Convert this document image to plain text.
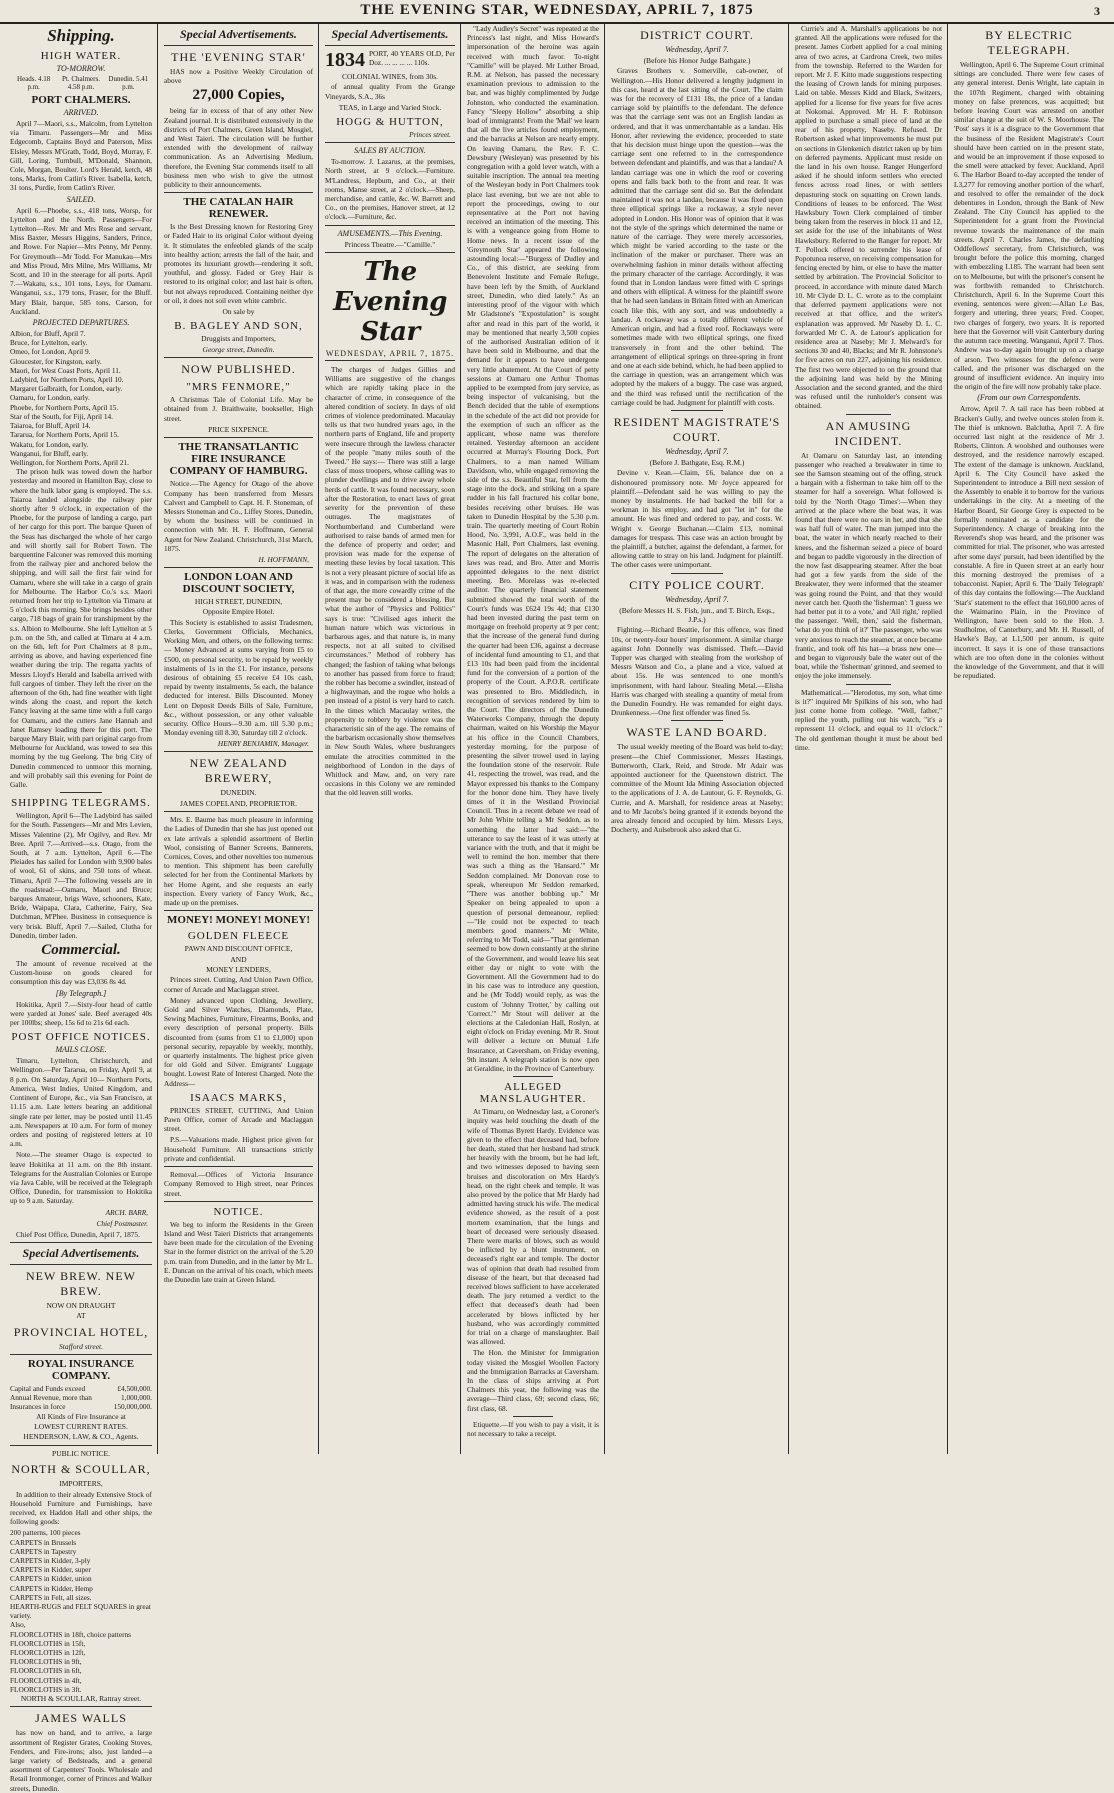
THE EVENING STAR, WEDNESDAY, APRIL 7, 1875	3
Shipping.
HIGH WATER.
TO-MORROW.
Heads. 4.18 p.m.
Pt. Chalmers. 4.58 p.m.
Dunedin. 5.41 p.m.
PORT CHALMERS.
ARRIVED.

April 7—Maori, s.s., Malcolm, from Lyttelton via Timaru. Passengers—Mr and Miss Edgecomb, Captains Boyd and Paterson, Miss Elsley, Messrs M'Grath, Todd, Boyd, Murray, F. Gill, Loring, Turnbull, M'Donald, Shannon, Cole, Morgan, Boulter. Lord's Herald, ketch, 48 tons, Marks, from Catlin's River. Isabella, ketch, 31 tons, Purdie, from Catlin's River.

SAILED.

April 6.—Phoebe, s.s., 418 tons, Worsp, for Lyttelton and the North. Passengers—For Lyttelton—Rev. Mr and Mrs Rose and servant, Miss Baxter, Messrs Higgins, Sanders, Prince, and Rowe. For Napier—Mrs Penny, Mr Penny. For Greymouth—Mr Todd. For Manukau—Mrs and Miss Proud, Mrs Milne, Mrs Williams, Mr Scott, and 10 in the steerage for all ports. April 7.—Wakatu, s.s., 101 tons, Leys, for Oamaru. Wanganui, s.s., 179 tons, Fraser, for the Bluff. Mary Blair, barque, 585 tons, Carson, for Auckland.

PROJECTED DEPARTURES.
Albion, for Bluff, April 7.
Bruce, for Lyttelton, early.
Omeo, for London, April 9.
Gloucester, for Kingston, early.
Maori, for West Coast Ports, April 11.
Ladybird, for Northern Ports, April 10.
Margaret Galbraith, for London, early.
Oamaru, for London, early.
Phoebe, for Northern Ports, April 15.
Star of the South, for Fiji, April 14.
Taiaroa, for Bluff, April 14.
Tararua, for Northern Ports, April 15.
Wakatu, for London, early.
Wanganui, for Bluff, early.
Wellington, for Northern Ports, April 21.

The prison hulk was towed down the harbor yesterday and moored in Hamilton Bay, close to where the hulk labor gang is employed. The s.s. Taiaroa landed alongside the railway pier shortly after 9 o'clock, in expectation of the Phoebe, for the purpose of landing a cargo, part of her cargo for this port. The barque Queen of the Seas has discharged the whole of her cargo and will shortly sail for Robert Town. The barquentine Falconer was removed this morning from the railway pier and anchored below the shipping, and will sail the first fair wind for Oamaru, where she will take in a cargo of grain for Melbourne. The Harbor Co.'s s.s. Maori returned from her trip to Lyttelton via Timaru at 5 o'clock this morning. She brings besides other cargo, 718 bags of grain for transhipment by the s.s. Albion to Melbourne. She left Lyttelton at 5 p.m. on the 5th, and called at Timaru at 4 a.m. on the 6th, left for Port Chalmers at 8 p.m., arriving as above, and having experienced fine weather during the trip. The regatta yachts of Messrs Lloyd's Herald and Isabella arrived with full cargoes of timber. They left the river on the afternoon of the 6th, had fine weather with light winds along the coast, and report the ketch Fancy leaving at the same time with a full cargo for Oamaru, and the cutters Jane Hannah and Janet Ramsey loading there for this port. The barque Mary Blair, with part original cargo from Melbourne for Auckland, was towed to sea this morning by the tug Geelong. The brig City of Dunedin commenced to unmoor this morning, and will probably sail this evening for Point de Galle.

SHIPPING TELEGRAMS.

Wellington, April 6—The Ladybird has sailed for the South. Passengers—Mr and Mrs Levien, Misses Valentine (2), Mr Ogilvy, and Rev. Mr Bree. April 7.—Arrived—s.s. Otago, from the South, at 7 a.m. Lyttelton, April 6.—The Pleiades has sailed for London with 9,900 bales of wool, 61 of skins, and 750 tons of wheat. Timaru, April 7—The following vessels are in the roadstead:—Oamaru, Maori and Bruce; barques Amateur, brigs Wave, schooners, Kate, Bride, Waipapa, Clara, Catherine, Fairy, Sea Dutchman, M'Phee. Business in consequence is very brisk. Bluff, April 7.—Sailed, Clutha for Dunedin, timber laden.

Commercial.

The amount of revenue received at the Custom-house on goods cleared for consumption this day was £3,036 8s 4d.

[By Telegraph.]

Hokitika, April 7.—Sixty-four head of cattle were yarded at Jones' sale. Beef averaged 40s per 100lbs; sheep, 15s 6d to 21s 6d each.

POST OFFICE NOTICES.
MAILS CLOSE.

Timaru, Lyttelton, Christchurch, and Wellington.—Per Tararua, on Friday, April 9, at 8 p.m. On Saturday, April 10— Northern Ports, America, West Indies, United Kingdom, and Continent of Europe, &c., via San Francisco, at 11.15 a.m. Late letters bearing an additional single rate per letter, may be posted until 11.45 a.m. Newspapers at 10 a.m. For form of money orders and posting of registered letters at 10 a.m.

Note.—The steamer Otago is expected to leave Hokitika at 11 a.m. on the 8th instant. Telegrams for the Australian Colonies or Europe via Java Cable, will be received at the Telegraph Office, Dunedin, for transmission to Hokitika up to 9 a.m. Saturday.

ARCH. BARR,
Chief Postmaster.

Chief Post Office, Dunedin, April 7, 1875.

Special Advertisements.
NEW BREW. NEW BREW.
NOW ON DRAUGHT
AT
PROVINCIAL HOTEL,
Stafford street.
ROYAL INSURANCE COMPANY.
Capital and Funds exceed	£4,500,000.
Annual Revenue, more than	1,000,000.
Insurances in force	150,000,000.
All Kinds of Fire Insurance at
LOWEST CURRENT RATES.
HENDERSON, LAW, & CO., Agents.
PUBLIC NOTICE.
NORTH & SCOULLAR,
IMPORTERS,

In addition to their already Extensive Stock of Household Furniture and Furnishings, have received, ex Haddon Hall and other ships, the following goods:

200 patterns, 100 pieces
CARPETS in Brussels
CARPETS in Tapestry
CARPETS in Kidder, 3-ply
CARPETS in Kidder, super
CARPETS in Kidder, union
CARPETS in Kidder, Hemp
CARPETS in Felt, all sizes.
HEARTH-RUGS and FELT SQUARES in great variety.
Also,
FLOORCLOTHS in 18ft, choice patterns
FLOORCLOTHS in 15ft,
FLOORCLOTHS in 12ft,
FLOORCLOTHS in 9ft,
FLOORCLOTHS in 6ft,
FLOORCLOTHS in 4ft,
FLOORCLOTHS in 3ft.
NORTH & SCOULLAR, Rattray street.
JAMES WALLS

has now on hand, and to arrive, a large assortment of Register Grates, Cooking Stoves, Fenders, and Fire-irons; also, just landed—a large variety of Bedsteads, and a general assortment of Carpenters' Tools. Wholesale and Retail Ironmonger, corner of Princes and Walker streets, Dunedin.

Special Advertisements.
THE 'EVENING STAR'

HAS now a Positive Weekly Circulation of above

27,000 Copies,

being far in excess of that of any other New Zealand journal. It is distributed extensively in the districts of Port Chalmers, Green Island, Mosgiel, and West Taieri. The circulation will be further extended with the development of railway communication. As an Advertising Medium, therefore, the Evening Star commends itself to all business men who wish to give the utmost publicity to their announcements.

THE CATALAN HAIR RENEWER.

Is the Best Dressing known for Restoring Grey or Faded Hair to its original Color without dyeing it. It stimulates the enfeebled glands of the scalp into healthy action; arrests the fall of the hair, and promotes its luxuriant growth—rendering it soft, youthful, and glossy. Faded or Grey Hair is restored to its original color; and last hair is often, but not always reproduced. Containing neither dye or oil, it does not soil even white cambric.

On sale by
B. BAGLEY AND SON,
Druggists and Importers,
George street, Dunedin.
NOW PUBLISHED.
"MRS FENMORE,"

A Christmas Tale of Colonial Life. May be obtained from J. Braithwaite, bookseller, High street.

PRICE SIXPENCE.
THE TRANSATLANTIC FIRE INSURANCE COMPANY OF HAMBURG.

Notice.—The Agency for Otago of the above Company has been transferred from Messrs Calvert and Campbell to Capt. H. F. Stoneman, of Messrs Stoneman and Co., Liffey Stores, Dunedin, by whom the business will be continued in connection with Mr. H. F. Hoffmann, General Agent for New Zealand. Christchurch, 31st March, 1875.

H. HOFFMANN,
LONDON LOAN AND DISCOUNT SOCIETY,
HIGH STREET, DUNEDIN,
Opposite Empire Hotel.

This Society is established to assist Tradesmen, Clerks, Government Officials, Mechanics, Working Men, and others, on the following terms:— Money Advanced at sums varying from £5 to £500, on personal security, to be repaid by weekly instalments of 1s in the £1. For instance, persons desirous of obtaining £5 receive £4 10s cash, repaid by twenty instalments, 5s each, the balance deducted for interest. Bills Discounted. Money Lent on Deposit Deeds Bills of Sale, Furniture, &c., without possession, or any other valuable security. Office Hours—9.30 a.m. till 5.30 p.m.; Monday evening till 8.30, Saturday till 2 o'clock.

HENRY BENJAMIN, Manager.
NEW ZEALAND BREWERY,
DUNEDIN.
JAMES COPELAND, PROPRIETOR.

Mrs. E. Baume has much pleasure in informing the Ladies of Dunedin that she has just opened out ex late arrivals a splendid assortment of Berlin Wool, consisting of Banner Screens, Bannerets, Cornices, Coves, and other novelties too numerous to mention. This shipment has been carefully selected for her from the Continental Markets by her Home Agent, and she requests an early inspection. Every variety of Fancy Work, &c., made up on the premises.

MONEY! MONEY! MONEY!
GOLDEN FLEECE
PAWN AND DISCOUNT OFFICE,
AND
MONEY LENDERS,

Princes street. Cutting, And Union Pawn Office, corner of Arcade and Maclaggan street.

Money advanced upon Clothing, Jewellery, Gold and Silver Watches, Diamonds, Plate, Sewing Machines, Furniture, Firearms, Books, and every description of personal property. Bills discounted from (sums from £1 to £1,000) upon personal security, repayable by weekly, monthly, or quarterly instalments. The highest price given for old Gold and Silver. Emigrants' Luggage bought. Lowest Rate of Interest Charged. Note the Address—

ISAACS MARKS,

PRINCES STREET, CUTTING, And Union Pawn Office, corner of Arcade and Maclaggan street.

P.S.—Valuations made. Highest price given for Household Furniture. All transactions strictly private and confidential.

Removal.—Offices of Victoria Insurance Company Removed to High street, near Princes street.

NOTICE.

We beg to inform the Residents in the Green Island and West Taieri Districts that arrangements have been made for the circulation of the Evening Star in the former district on the arrival of the 5.20 p.m. train from Dunedin, and in the latter by Mr L. E. Duncan on the arrival of his coach, which meets the Dunedin late train at Green Island.

Special Advertisements.
1834 PORT, 40 YEARS OLD, Per Doz. ... ... ... ... 110s.
COLONIAL WINES, from 30s.

of annual quality From the Grange Vineyards, S.A., 36s

TEAS, in Large and Varied Stock.
HOGG & HUTTON,
Princes street.
SALES BY AUCTION.

To-morrow. J. Lazarus, at the premises, North street, at 9 o'clock.—Furniture. M'Landress, Hepburn, and Co., at their rooms, Manse street, at 2 o'clock.—Sheep, merchandise, and cattle, &c. W. Barrett and Co., on the premises, Hanover street, at 12 o'clock.—Furniture, &c.

AMUSEMENTS.—This Evening.
Princess Theatre.—"Camille."
The Evening Star
WEDNESDAY, APRIL 7, 1875.

The charges of Judges Gillies and Williams are suggestive of the changes which are rapidly taking place in the character of crime, in consequence of the altered condition of society. In days of old crimes of violence predominated. Macaulay tells us that two hundred years ago, in the northern parts of England, life and property were insecure through the lawless character of the people "many miles south of the Tweed." He says:— There was still a large class of moss troopers, whose calling was to plunder dwellings and to drive away whole herds of cattle. It was found necessary, soon after the Restoration, to enact laws of great severity for the prevention of these outrages. The magistrates of Northumberland and Cumberland were authorised to raise bands of armed men for the defence of property and order; and provision was made for the expense of meeting these levies by local taxation. This is not a very pleasant picture of social life as it was, and in comparison with the rudeness of that age, the more cowardly crime of the present may be considered a blessing. But what the author of "Physics and Politics" says is true: "Civilised ages inherit the human nature which was victorious in barbarous ages, and that nature is, in many respects, not at all suited to civilised circumstances." Method of robbery has changed; the fashion of taking what belongs to another has passed from force to fraud; the robber has become a swindler, instead of a highwayman, and the rogue who holds a pen instead of a pistol is very hard to catch. In the times which Macaulay writes, the propensity to robbery by violence was the characteristic sin of the age. The remains of the barbarism occasionally show themselves in New South Wales, where bushrangers emulate the atrocities committed in the neighborhood of London in the days of Whitlock and Maw, and, on very rare occasions in this Colony we are reminded that the old leaven still works.

"Lady Audley's Secret" was repeated at the Princess's last night, and Miss Howard's impersonation of the heroine was again received with much favor. To-night "Camille" will be played. Mr Luther Broad, R.M. at Nelson, has passed the necessary examination previous to admission to the bar, and was highly complimented by Judge Johnston, who conducted the examination. Fancy "Sleepy Hollow" absorbing a ship load of immigrants! From the 'Mail' we learn that all the live articles found employment, and the barracks at Nelson are nearly empty. On leaving Oamaru, the Rev. F. C. Dewsbury (Wesleyan) was presented by his congregation with a gold lever watch, with a suitable inscription. The annual tea meeting of the Wesleyan body in Port Chalmers took place last evening, but we are not able to report the proceedings, owing to our representative at the Port not having received an intimation of the meeting. This is with a vengeance going from Home to Home news. In a recent issue of the 'Greymouth Star' appeared the following astounding local:—"Burgess of Dudley and Co., of this district, are seeking from Benevolent Institute and Female Refuge, have been left by the Smith, of Auckland street, Dunedin, who died lately." As an interesting proof of the vigour with which Mr Gladstone's "Expostulation" is sought after and read in this part of the world, it may be mentioned that nearly 3,500 copies of the authorised Australian edition of it have been sold in Melbourne, and that the demand for it appears to have undergone very little abatement. At the Court of petty sessions at Oamaru one Arthur Thomas applied to be exempted from jury service, as being inspector of vulcanising, but the Bench decided that the table of exemptions in the schedule of the act did not provide for the exemption of such an officer as the applicant, whose name was therefore retained. Yesterday afternoon an accident occurred at Murray's Flouring Dock, Port Chalmers, to a man named William Davidson, who, while engaged removing the side of the s.s. Beautiful Star, fell from the stage into the dock, and striking on a spare rudder in his fall fractured his collar bone, besides receiving other bruises. He was taken to Dunedin Hospital by the 5.30 p.m. train. The quarterly meeting of Court Robin Hood, No. 3,991, A.O.F., was held in the Masonic Hall, Port Chalmers, last evening. The report of delegates on the alteration of laws was read, and Bro. Atter and Morris appointed delegates to the next district meeting. Bro. Morelass was re-elected auditor. The quarterly financial statement submitted showed the total worth of the Court's funds was £624 19s 4d; that £130 had been invested during the past term on mortgage on freehold property at 9 per cent; that the increase of the general fund during the quarter had been £36, against a decrease of incidental fund amounting to £1, and that £13 10s had been paid from the incidental fund for the conversion of a portion of the property of the Court. A.P.O.R. certificate was presented to Bro. Middleditch, in recognition of services rendered by him to the Court. The directors of the Dunedin Waterworks Company, through the deputy chairman, waited on his Worship the Mayor at his office in the Council Chambers, yesterday morning, for the purpose of presenting the silver trowel used in laying the foundation stone of the reservoir. Rule 41, respecting the trowel, was read, and the Mayor expressed his thanks to the Company for the honor done him. They have lively times of it in the Westland Provincial Council. Thus in a recent debate we read of Mr John White telling a Mr Seddon, as to something the latter had said:—"the utterance to say the least of it was utterly at variance with the truth, and that it might be well to remind the hon. member that there was such a thing as the 'Hansard.'" Mr Seddon complained. Mr Donovan rose to speak, whereupon Mr Seddon remarked, "There was another bobbing up." Mr Speaker on being appealed to upon a question of personal demeanour, replied:—"He could not be expected to teach members good manners." Mr White, referring to Mr Todd, said—"That gentleman seemed to bow down constantly at the shrine of the Government, and would leave his seat either day or night to vote with the Government. All the Government had to do in his case was to introduce any question, and he (Mr Todd) would reply, as was the custom of 'Johnny Trotter,' by calling out 'Correct.'" Mr Stout will deliver at the elections at the Caledonian Hall, Roslyn, at eight o'clock on Friday evening. Mr R. Stout will deliver a lecture on Mutual Life Insurance, at Caversham, on Friday evening, 9th instant. A telegraph station is now open at Geraldine, in the Province of Canterbury.

ALLEGED MANSLAUGHTER.

At Timaru, on Wednesday last, a Coroner's inquiry was held touching the death of the wife of Thomas Byrett Hardy. Evidence was given to the effect that deceased had, before her death, stated that her husband had struck her heavily with the broom, but he had left, and two witnesses deposed to having seen bruises and discoloration on Mrs Hardy's head, on the right cheek and temple. It was also proved by the police that Mr Hardy had admitted having struck his wife. The medical evidence showed, as the result of a post mortem examination, that the lungs and heart of deceased were seriously diseased. There were marks of blows, such as would be inflicted by a blunt instrument, on deceased's right ear and temple. The doctor was of opinion that death had resulted from disease of the heart, but that deceased had received blows sufficient to have accelerated death. The jury returned a verdict to the effect that deceased's death had been accelerated by blows inflicted by her husband, who was accordingly committed for trial on a charge of manslaughter. Bail was allowed.

The Hon. the Minister for Immigration today visited the Mosgiel Woollen Factory and the Immigration Barracks at Caversham. In the class of ships arriving at Port Chalmers this year, the following was the average—Third class, 69; second class, 66; first class, 68.

Etiquette.—If you wish to pay a visit, it is not necessary to take a receipt.

DISTRICT COURT.
Wednesday, April 7.
(Before his Honor Judge Bathgate.)

Graves Brothers v. Somerville, cab-owner, of Wellington.—His Honor delivered a lengthy judgment in this case, heard at the last sitting of the Court. The claim was for the recovery of £131 18s, the price of a landau carriage sold by plaintiffs to the defendant. The defence was that the carriage sent was not an English landau as ordered, and that it was unmerchantable as a landau. His Honor, after reviewing the evidence, proceeded to state that his decision must hinge upon the question—was the carriage sent one referred to in the correspondence between defendant and plaintiffs, and was that a landau? A landau carriage was one in which the roof or covering opens and falls back both to the front and rear. It was admitted that the carriage sent did so. But the defendant maintained it was not a landau, because it was fixed upon three elliptical springs like a rockaway, a style never adopted in London. His Honor was of opinion that it was not the style of the springs which determined the name or nature of the carriage. They were merely accessories, which might be varied according to the taste or the inclination of the maker or purchaser. There was an overwhelming fashion in minor details without affecting the primary character of the carriage. Accordingly, it was found that in London landaus were fitted with C springs and others with elliptical. A witness for the plaintiff swore that he had seen landaus in Britain fitted with an American coach like this, with any sort, and was undoubtedly a landau. A rockaway was a totally different vehicle of American origin, and had a fixed roof. Rockaways were sometimes made with two elliptical springs, one fixed transversely in front and the other behind. The arrangement of elliptical springs on three-spring in front and one at each side behind, which, he had been applied to the carriage in question, was an arrangement which was adopted by the makers of a buggy. The case was argued, and the third was refused until the rectification of the carriage could be had. Judgment for plaintiff with costs.

RESIDENT MAGISTRATE'S COURT.
Wednesday, April 7.
(Before J. Bathgate, Esq. R.M.)

Devine v. Kean.—Claim, £6, balance due on a dishonoured promissory note. Mr Joyce appeared for plaintiff.—Defendant said he was willing to pay the money by instalments. He had backed the bill for a workman in his employ, and had got "let in" for the amount. He was fined and ordered to pay, and costs. W. Wright v. George Buchanan.—Claim £13, nominal damages for trespass. This case was an action brought by the plaintiff, a butcher, against the defendant, a farmer, for allowing cattle to stray on his land. Judgment for plaintiff. The other cases were unimportant.

CITY POLICE COURT.
Wednesday, April 7.
(Before Messrs H. S. Fish, jun., and T. Birch, Esqs., J.P.s.)

Fighting.—Richard Beattie, for this offence, was fined 10s, or twenty-four hours' imprisonment. A similar charge against John Donnelly was dismissed. Theft.—David Tupper was charged with stealing from the workshop of Messrs Watson and Co., a plane and a vice, valued at about 15s. He was sentenced to one month's imprisonment, with hard labour. Stealing Metal.—Elisha Harris was charged with stealing a quantity of metal from the Dunedin Foundry. He was remanded for eight days. Drunkenness.—One first offender was fined 5s.

WASTE LAND BOARD.

The usual weekly meeting of the Board was held to-day; present—the Chief Commissioner, Messrs Hastings, Butterworth, Clark, Reid, and Strode. Mr Adair was appointed auctioneer for the Queenstown district. The committee of the Mount Ida Mining Association objected to the applications of J. A. de Lautour, G. F. Reynolds, G. Currie, and A. Marshall, for residence areas at Naseby; and to Mr Jacobs's being granted if it extends beyond the area already fenced and occupied by him. Messrs Leys, Docherty, and Aulsebrook also asked that G.

Currie's and A. Marshall's applications be not granted. All the applications were refused for the present. James Corbett applied for a coal mining area of two acres, at Cardrona Creek, two miles from the township. Referred to the Warden for report. Mr J. F. Kitto made suggestions respecting the leasing of Crown lands for mining purposes. Laid on table. Messrs Kidd and Black, Switzers, applied for a license for five years for five acres at Nokomai. Approved. Mr H. F. Robinson applied to purchase a small piece of land at the rear of his property, Naseby. Refused. Dr Robertson asked what improvements he must put on sections in Glenkenich district taken up by him on deferred payments. Applicant must reside on the land in his own house. Ranger Hungerford asked if he should inform settlers who erected fences across road lines, or with settlers depasturing stock on squatting on Crown lands. Conditions of leases to be enforced. The West Hawksbury Town Clerk complained of timber being taken from the reserves in block 11 and 12, set aside for the use of the inhabitants of West Hawksbury. Referred to the Ranger for report. Mr T. Pollock offered to surrender his lease of Popotunoa reserve, on receiving compensation for fencing erected by him, or else to have the matter settled by arbitration. The Provincial Solicitor to proceed, in accordance with minute dated March 10. Mr Clyde D. L. C. wrote as to the complaint that deferred payment applications were not received at that office, and the writer's explanation was approved. Mr Naseby D. L. C. forwarded Mr C. A. de Latour's application for residence area at Naseby; Mr J. Melward's for sections 30 and 40, Blacks; and Mr R. Johnstone's for five acres on run 227, adjoining his residence. The first two were objected to on the ground that the adjoining land was held by the Mining Association and the second granted, and the third was refused until the runholder's consent was obtained.

AN AMUSING INCIDENT.

At Oamaru on Saturday last, an intending passenger who reached a breakwater in time to see the Samson steaming out of the offing, struck a bargain with a fisherman to take him off to the steamer for half a sovereign. What followed is told by the 'North Otago Times':—When they arrived at the place where the boat was, it was found that there were no oars in her, and that she was half full of water. The man jumped into the boat, the water in which nearly reached to their knees, and the fisherman seized a piece of board and began to paddle vigorously in the direction of the now fast disappearing steamer. After the boat had got a few yards from the side of the Breakwater, they were informed that the steamer was going round the Point, and that they would never catch her. Quoth the 'fisherman': 'I guess we had better put it to a vote,' and 'All right,' replied the passenger. 'Well, then,' said the fisherman, 'what do you think of it?' The passenger, who was very anxious to reach the steamer, at once became frantic, and took off his hat—a brass new one—and began to vigorously bale the water out of the boat, while the 'fisherman' grinned, and seemed to enjoy the joke immensely.

Mathematical.—"Herodotus, my son, what time is it?" inquired Mr Spilkins of his son, who had just come home from college. "Well, father," replied the youth, pulling out his watch, "it's a repressent 11 o'clock, and equal to 11 o'clock." The old gentleman thought it must be about bed time.

BY ELECTRIC TELEGRAPH.

Wellington, April 6. The Supreme Court criminal sittings are concluded. There were few cases of any general interest. Denis Wright, late captain in the 107th Regiment, charged with obtaining money on false pretences, was acquitted; but before leaving Court was arrested on another similar charge at the suit of W. S. Moorhouse. The 'Post' says it is a disgrace to the Government that the business of the Resident Magistrate's Court should have been carried on in the present state, and would be an improvement if those exposed to the smell were attacked by fever. Auckland, April 6. The Harbor Board to-day accepted the tender of L3,277 for removing another portion of the wharf, and resolved to offer the remainder of the dock debentures in London, through the Bank of New Zealand. The City Council has applied to the Superintendent for a grant from the Provincial revenue towards the maintenance of the main streets. April 7. Charles James, the defaulting Oddfellows' secretary, from Christchurch, was brought before the police this morning, charged with embezzling L185. The warrant had been sent on to Melbourne, but with the prisoner's consent he was forthwith remanded to Christchurch. Christchurch, April 6. In the Supreme Court this evening, sentences were given:—Allan Le Bas, forgery and uttering, three years; Fred. Cooper, two charges of forgery, two years. It is reported here that the Governor will visit Canterbury during the autumn race meeting. Wanganui, April 7. Thos. Andrew was to-day again brought up on a charge of arson. Two witnesses for the defence were called, and the prisoner was discharged on the ground of insufficient evidence. An inquiry into the origin of the fire will now probably take place.

(From our own Correspondents.

Arrow, April 7. A tail race has been robbed at Bracken's Gully, and twelve ounces stolen from it. The thief is unknown. Balclutha, April 7. A fire occurred last night at the residence of Mr J. Roberts, Clinton. A woolshed and outhouses were destroyed, and the residence narrowly escaped. The extent of the damage is unknown. Auckland, April 6. The City Council have asked the Superintendent to introduce a Bill next session of the Assembly to enable it to borrow for the various undertakings in the city. At a meeting of the Harbor Board, Sir George Grey is expected to be formally nominated as a candidate for the Superintendency. A charge of breaking into the Reverend's shop was heard, and the prisoner was committed for trial. The prisoner, who was arrested after some days' pursuit, had been identified by the constable. A fire in Queen street at an early hour this morning destroyed the premises of a tobacconist. Napier, April 6. The 'Daily Telegraph' of this day contains the following:—The Auckland 'Star's' statement to the effect that 160,000 acres of the Waimarino Plain, in the Province of Wellington, have been sold to the Hon. J. Studholme, of Canterbury, and Mr. H. Russell, of Hawke's Bay, at L1,500 per annum, is quite incorrect. It says it is one of those transactions which are too often done in the colonies without the knowledge of the Government, and that it will be repudiated.
